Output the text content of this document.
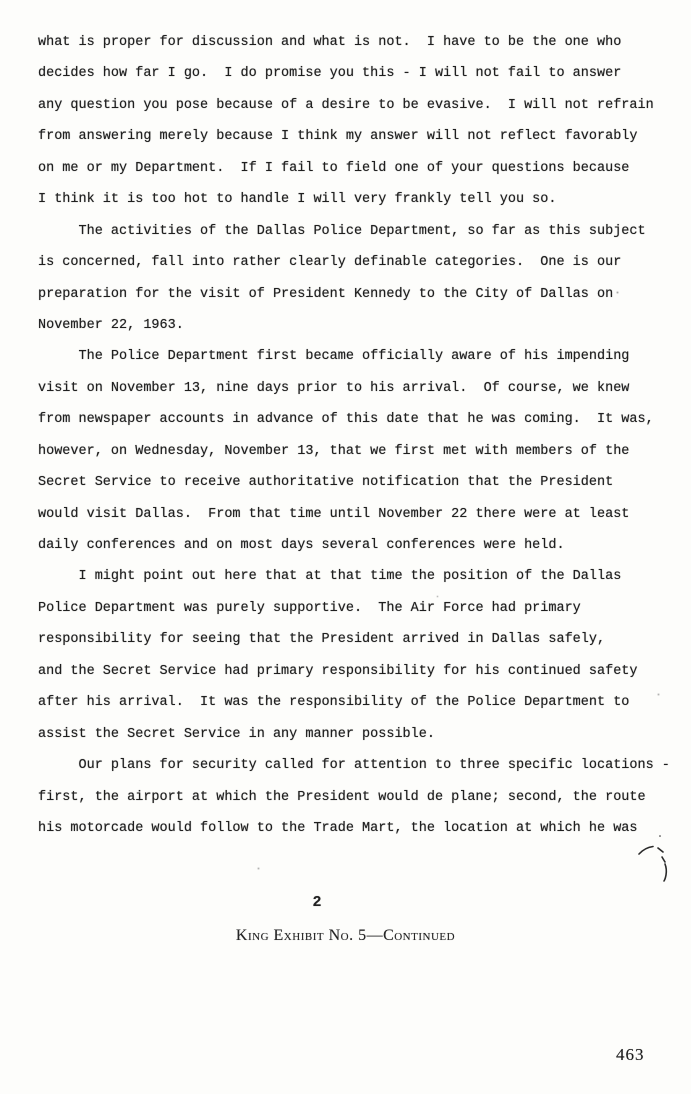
what is proper for discussion and what is not.  I have to be the one who
decides how far I go.  I do promise you this - I will not fail to answer
any question you pose because of a desire to be evasive.  I will not refrain
from answering merely because I think my answer will not reflect favorably
on me or my Department.  If I fail to field one of your questions because
I think it is too hot to handle I will very frankly tell you so.
The activities of the Dallas Police Department, so far as this subject
is concerned, fall into rather clearly definable categories.  One is our
preparation for the visit of President Kennedy to the City of Dallas on
November 22, 1963.
The Police Department first became officially aware of his impending
visit on November 13, nine days prior to his arrival.  Of course, we knew
from newspaper accounts in advance of this date that he was coming.  It was,
however, on Wednesday, November 13, that we first met with members of the
Secret Service to receive authoritative notification that the President
would visit Dallas.  From that time until November 22 there were at least
daily conferences and on most days several conferences were held.
I might point out here that at that time the position of the Dallas
Police Department was purely supportive.  The Air Force had primary
responsibility for seeing that the President arrived in Dallas safely,
and the Secret Service had primary responsibility for his continued safety
after his arrival.  It was the responsibility of the Police Department to
assist the Secret Service in any manner possible.
Our plans for security called for attention to three specific locations -
first, the airport at which the President would de plane; second, the route
his motorcade would follow to the Trade Mart, the location at which he was
2
King Exhibit No. 5—Continued
463
